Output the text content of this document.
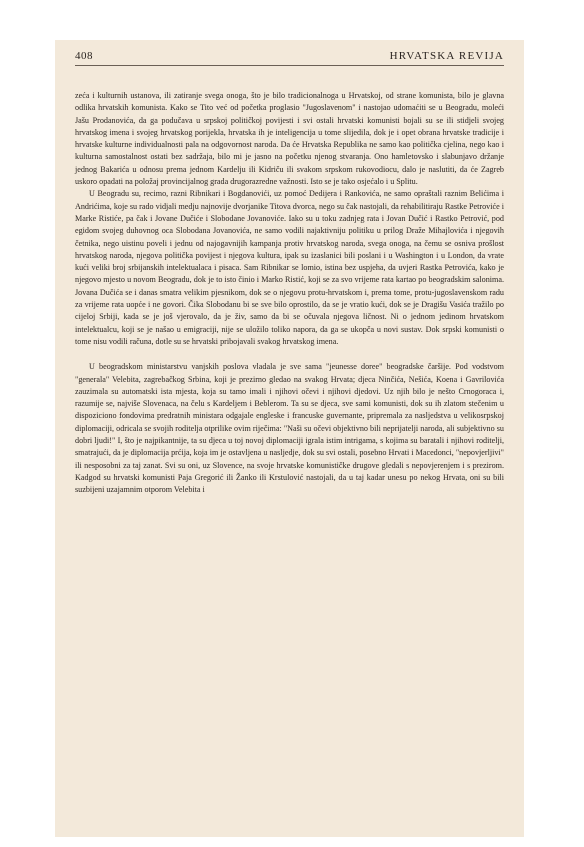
408	HRVATSKA REVIJA

zeća i kulturnih ustanova, ili zatiranje svega onoga, što je bilo tradicionalnoga u Hrvatskoj, od strane komunista, bilo je glavna odlika hrvatskih komunista. Kako se Tito već od početka proglasio "Jugoslavenom" i nastojao udomaćiti se u Beogradu, moleći Jašu Prodanovića, da ga podučava u srpskoj političkoj povijesti i svi ostali hrvatski komunisti bojali su se ili stidjeli svojeg hrvatskog imena i svojeg hrvatskog porijekla, hrvatska ih je inteligencija u tome slijedila, dok je i opet obrana hrvatske tradicije i hrvatske kulturne individualnosti pala na odgovornost naroda. Da će Hrvatska Republika ne samo kao politička cjelina, nego kao i kulturna samostalnost ostati bez sadržaja, bilo mi je jasno na početku njenog stvaranja. Ono hamletovsko i slabunjavo držanje jednog Bakarića u odnosu prema jednom Kardelju ili Kidriču ili svakom srpskom rukovodiocu, dalo je naslutiti, da će Zagreb uskoro opadati na položaj provincijalnog grada drugorazredne važnosti. Isto se je tako osjećalo i u Splitu.

U Beogradu su, recimo, razni Ribnikari i Bogdanovići, uz pomoć Dedijera i Rankovića, ne samo opraštali raznim Belićima i Andrićima, koje su rado vidjali medju najnovije dvorjanike Titova dvorca, nego su čak nastojali, da rehabilitiraju Rastke Petroviće i Marke Ristiće, pa čak i Jovane Dučiće i Slobodane Jovanoviće. Iako su u toku zadnjeg rata i Jovan Dučić i Rastko Petrović, pod egidom svojeg duhovnog oca Slobodana Jovanovića, ne samo vodili najaktivniju politiku u prilog Draže Mihajlovića i njegovih četnika, nego uistinu poveli i jednu od najogavnijih kampanja protiv hrvatskog naroda, svega onoga, na čemu se osniva prošlost hrvatskog naroda, njegova politička povijest i njegova kultura, ipak su izaslanici bili poslani i u Washington i u London, da vrate kući veliki broj srbijanskih intelektualaca i pisaca. Sam Ribnikar se lomio, istina bez uspjeha, da uvjeri Rastka Petrovića, kako je njegovo mjesto u novom Beogradu, dok je to isto činio i Marko Ristić, koji se za svo vrijeme rata kartao po beogradskim salonima. Jovana Dučića se i danas smatra velikim pjesnikom, dok se o njegovu protu-hrvatskom i, prema tome, protu-jugoslavenskom radu za vrijeme rata uopće i ne govori. Čika Slobodanu bi se sve bilo oprostilo, da se je vratio kući, dok se je Dragišu Vasića tražilo po cijeloj Srbiji, kada se je još vjerovalo, da je živ, samo da bi se očuvala njegova ličnost. Ni o jednom jedinom hrvatskom intelektualcu, koji se je našao u emigraciji, nije se uložilo toliko napora, da ga se ukopča u novi sustav. Dok srpski komunisti o tome nisu vodili računa, dotle su se hrvatski pribojavali svakog hrvatskog imena.

U beogradskom ministarstvu vanjskih poslova vladala je sve sama "jeunesse doree" beogradske čaršije. Pod vodstvom "generala" Velebita, zagrebačkog Srbina, koji je prezirno gledao na svakog Hrvata; djeca Ninčića, Nešića, Koena i Gavrilovića zauzimala su automatski ista mjesta, koja su tamo imali i njihovi očevi i njihovi djedovi. Uz njih bilo je nešto Crnogoraca i, razumije se, najviše Slovenaca, na čelu s Kardeljem i Beblerom. Ta su se djeca, sve sami komunisti, dok su ih zlatom stečenim u dispoziciono fondovima predratnih ministara odgajale engleske i francuske guvernante, pripremala za nasljedstva u velikosrpskoj diplomaciji, odricala se svojih roditelja otprilike ovim riječima: "Naši su očevi objektivno bili neprijatelji naroda, ali subjektivno su dobri ljudi!" I, što je najpikantnije, ta su djeca u toj novoj diplomaciji igrala istim intrigama, s kojima su baratali i njihovi roditelji, smatrajući, da je diplomacija prćija, koja im je ostavljena u nasljedje, dok su svi ostali, posebno Hrvati i Macedonci, "nepovjerljivi" ili nesposobni za taj zanat. Svi su oni, uz Slovence, na svoje hrvatske komunističke drugove gledali s nepovjerenjem i s prezirom. Kadgod su hrvatski komunisti Paja Gregorić ili Žanko ili Krstulović nastojali, da u taj kadar unesu po nekog Hrvata, oni su bili suzbijeni uzajamnim otporom Velebita i
